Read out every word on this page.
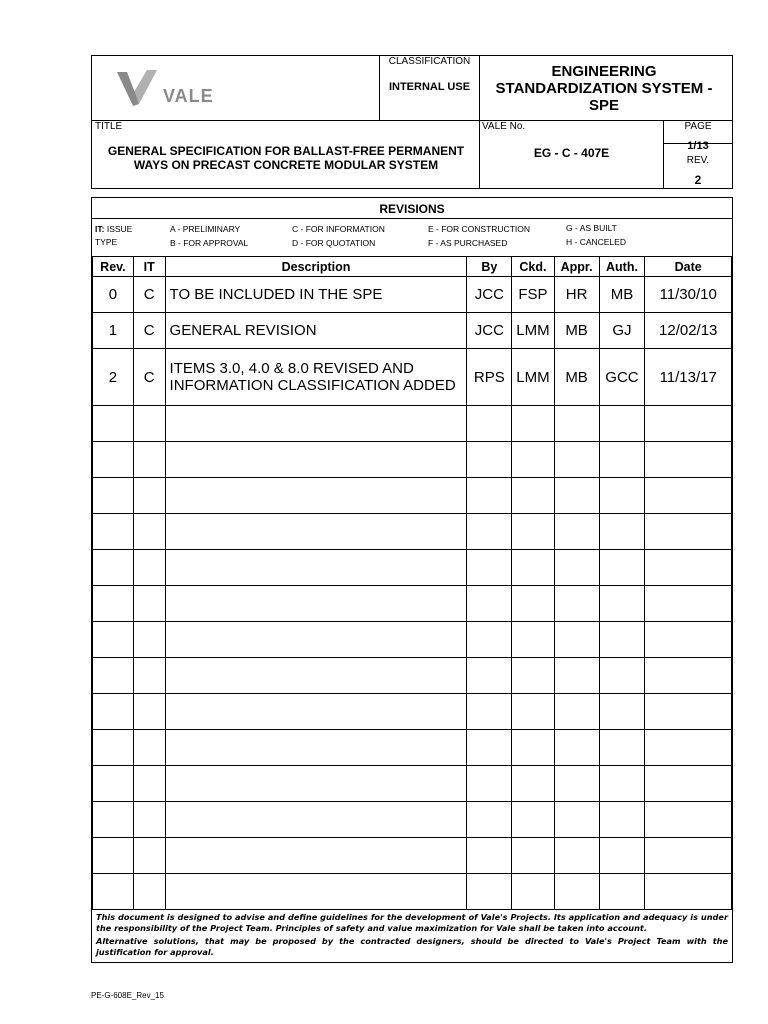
VALE
CLASSIFICATION
INTERNAL USE
ENGINEERING STANDARDIZATION SYSTEM - SPE
TITLE
GENERAL SPECIFICATION FOR BALLAST-FREE PERMANENT WAYS ON PRECAST CONCRETE MODULAR SYSTEM
VALE No.
EG - C - 407E
PAGE
1/13
REV.
2
REVISIONS
IT: ISSUE
TYPE
A - PRELIMINARY	C - FOR INFORMATION	E - FOR CONSTRUCTION	G - AS BUILT
B - FOR APPROVAL	D - FOR QUOTATION	F - AS PURCHASED	H - CANCELED
Rev.	IT	Description	By	Ckd.	Appr.	Auth.	Date
0	C	TO BE INCLUDED IN THE SPE	JCC	FSP	HR	MB	11/30/10
1	C	GENERAL REVISION	JCC	LMM	MB	GJ	12/02/13
2	C	ITEMS 3.0, 4.0 & 8.0 REVISED AND INFORMATION CLASSIFICATION ADDED	RPS	LMM	MB	GCC	11/13/17

This document is designed to advise and define guidelines for the development of Vale's Projects. Its application and adequacy is under the responsibility of the Project Team. Principles of safety and value maximization for Vale shall be taken into account.

Alternative solutions, that may be proposed by the contracted designers, should be directed to Vale's Project Team with the justification for approval.

PE-G-608E_Rev_15
